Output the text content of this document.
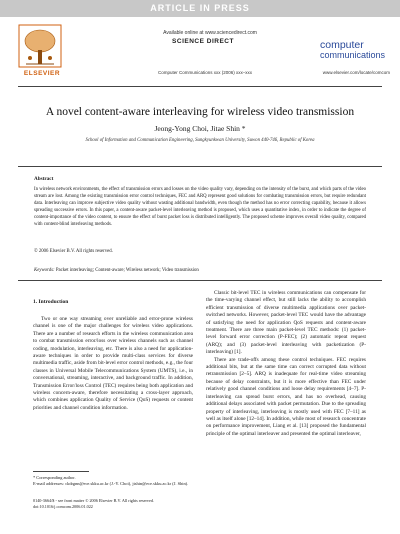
ARTICLE IN PRESS
ELSEVIER
Available online at www.sciencedirect.com
SCIENCE DIRECT
Computer Communications xxx (2006) xxx–xxx
computer
communications
www.elsevier.com/locate/comcom
A novel content-aware interleaving for wireless video transmission
Jeong-Yong Choi, Jitae Shin *
School of Information and Communication Engineering, Sungkyunkwan University, Suwon 440-746, Republic of Korea
Abstract
In wireless network environments, the effect of transmission errors and losses on the video quality vary, depending on the intensity of the burst, and which parts of the video stream are lost. Among the existing transmission error control techniques, FEC and ARQ represent good solutions for combating transmission errors, but require redundant data. Interleaving can improve subjective video quality without wasting additional bandwidth, even though the method has no error correcting capability, because it allows spreading successive errors. In this paper, a content-aware packet-level interleaving method is proposed, which uses a quantitative index, in order to indicate the degree of content-importance of the video content, to ensure the effect of burst packet loss is distributed intelligently. The proposed scheme improves overall video quality, compared with content-blind interleaving methods.
© 2006 Elsevier B.V. All rights reserved.
Keywords: Packet interleaving; Content-aware; Wireless network; Video transmission
1. Introduction

Two or one way streaming over unreliable and error-prone wireless channel is one of the major challenges for wireless video applications. There are a number of research efforts in the wireless communication area to combat transmission error/loss over wireless channels such as channel coding, modulation, interleaving, etc. There is also a need for application-aware techniques in order to provide multi-class services for diverse multimedia traffic, aside from bit-level error control methods, e.g., the four classes in Universal Mobile Telecommunications System (UMTS), i.e., in conversational, streaming, interactive, and background traffic. In addition, Transmission Error/loss Control (TEC) requires being both application and wireless concern-aware, therefore necessitating a cross-layer approach, which combines application Quality of Service (QoS) requests or content priorities and channel condition information.

Classic bit-level TEC in wireless communications can compensate for the time-varying channel effect, but still lacks the ability to accomplish efficient transmission of diverse multimedia applications over packet-switched networks. However, packet-level TEC would have the advantage of satisfying the need for application QoS requests and content-aware treatment. There are three main packet-level TEC methods: (1) packet-level forward error correction (P-FEC); (2) automatic repeat request (ARQ); and (3) packet-level interleaving with packetization (P-interleaving) [1].

There are trade-offs among these control techniques. FEC requires additional bits, but at the same time can correct corrupted data without retransmission [2–5]. ARQ is inadequate for real-time video streaming because of delay constraints, but it is more effective than FEC under relatively good channel conditions and loose delay requirements [4–7]. P-interleaving can spread burst errors, and has no overhead, causing additional delays associated with packet permutation. Due to the spreading property of interleaving, interleaving is mostly used with FEC [7–11] as well as itself alone [12–14]. In addition, while most of research concentrate on performance improvement, Liang et al. [13] proposed the fundamental principle of the optimal interleaver and presented the optimal interleaver,

* Corresponding author.
E-mail addresses: ckdrgnn@ece.skku.ac.kr (J.-Y. Choi), jtshin@ece.skku.ac.kr (J. Shin).
0140-3664/$ - see front matter © 2006 Elsevier B.V. All rights reserved.
doi:10.1016/j.comcom.2006.01.022
